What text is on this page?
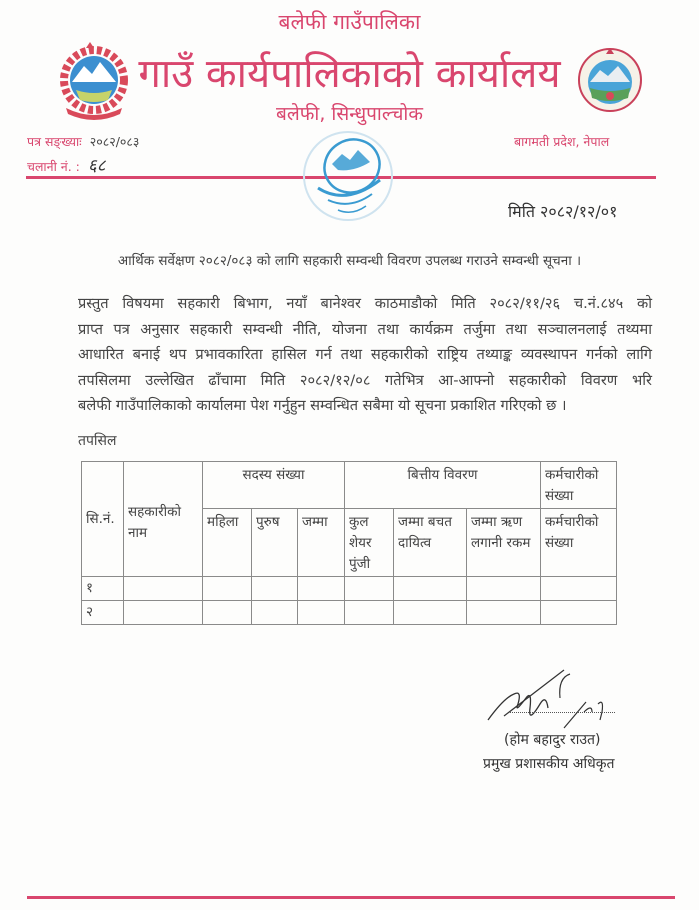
बलेफी गाउँपालिका
गाउँ कार्यपालिकाको कार्यालय
बलेफी, सिन्धुपाल्चोक
पत्र सङ्ख्याः २०८२/०८३
चलानी नं. : ६८
बागमती प्रदेश, नेपाल
मिति २०८२/१२/०१
आर्थिक सर्वेक्षण २०८२/०८३ को लागि सहकारी सम्वन्धी विवरण उपलब्ध गराउने सम्वन्धी सूचना ।
प्रस्तुत विषयमा सहकारी बिभाग, नयाँ बानेश्वर काठमाडौको मिति २०८२/११/२६ च.नं.८४५ को
प्राप्त पत्र अनुसार सहकारी सम्वन्धी नीति, योजना तथा कार्यक्रम तर्जुमा तथा सञ्चालनलाई तथ्यमा
आधारित बनाई थप प्रभावकारिता हासिल गर्न तथा सहकारीको राष्ट्रिय तथ्याङ्क व्यवस्थापन गर्नको लागि
तपसिलमा उल्लेखित ढाँचामा मिति २०८२/१२/०८ गतेभित्र आ-आफ्नो सहकारीको विवरण भरि
बलेफी गाउँपालिकाको कार्यालमा पेश गर्नुहुन सम्वन्धित सबैमा यो सूचना प्रकाशित गरिएको छ ।
तपसिल
सि.नं.	सहकारीको नाम	सदस्य संख्या			बित्तीय विवरण			कर्मचारीको संख्या
		महिला	पुरुष	जम्मा	कुल शेयर पुंजी	जम्मा बचत दायित्व	जम्मा ऋण लगानी रकम	कर्मचारीको संख्या
१								
२								
(होम बहादुर राउत)
प्रमुख प्रशासकीय अधिकृत
